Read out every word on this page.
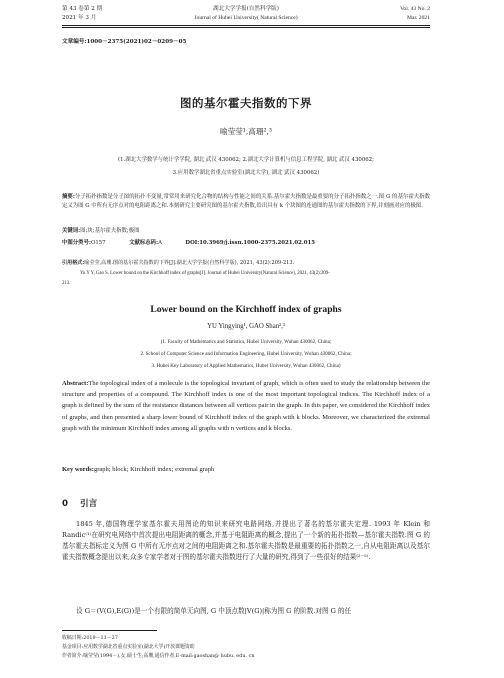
第 43 卷第 2 期
2021 年 3 月
湖北大学学报(自然科学版)
Journal of Hubei University( Natural Science)
Vol. 43 No. 2
Mar. 2021
文章编号:1000－2375(2021)02－0209－05
图的基尔霍夫指数的下界
喻莹莹¹,高珊²,³
(1.湖北大学数学与统计学学院, 湖北 武汉 430062; 2.湖北大学计算机与信息工程学院, 湖北 武汉 430062;
3.应用数学湖北省重点实验室(湖北大学), 湖北 武汉 430062)
摘要:分子拓扑指数是分子图的拓扑不变量,常常用来研究化合物的结构与性能之间的关系.基尔霍夫指数是最重要的分子拓扑指数之一.图 G 的基尔霍夫指数定义为图 G 中所有无序点对的电阻距离之和.本刻研究主要研究图的基尔霍夫指数,给出具有 k 个块图的连通图的基尔霍夫指数的下界,并刻画对应的极图.
关键词:图;块;基尔霍夫指数;极图
中图分类号:O157	文献标志码:A	DOI:10.3969/j.issn.1000-2375.2021.02.015
引用格式:喻莹莹,高珊.图的基尔霍夫指数的下界[J].湖北大学学报(自然科学版), 2021, 43(2):209-213.
Yu Y Y, Gao S. Lower bound on the Kirchhoff index of graphs[J]. Journal of Hubei University(Natural Science), 2021, 43(2):209-
213.
Lower bound on the Kirchhoff index of graphs
YU Yingying¹, GAO Shan²,³
(1. Faculty of Mathematics and Statistics, Hubei University, Wuhan 430062, China;
2. School of Computer Science and Information Engineering, Hubei University, Wuhan 430062, China;
3. Hubei Key Laboratory of Applied Mathematics, Hubei University, Wuhan 430062, China)
Abstract:The topological index of a molecule is the topological invariant of graph, which is often used to study the relationship between the structure and properties of a compound. The Kirchhoff index is one of the most important topological indices. The Kirchhoff index of a graph is defined by the sum of the resistance distances between all vertices pair in the graph. In this paper, we considered the Kirchhoff index of graphs, and then presented a sharp lower bound of Kirchhoff index of the graph with k blocks. Moreover, we characterized the extremal graph with the minimum Kirchhoff index among all graphs with n vertices and k blocks.
Key words:graph; block; Kirchhoff index; extremal graph
0 引言
1845 年,德国物理学家基尔霍夫用图论的知识来研究电路网络,并提出了著名的基尔霍夫定理. 1993 年 Klein 和 Randic⁽¹⁾在研究电网络中首次提出电阻距离的概念,并基于电阻距离的概念,提出了一个新的拓扑指数—基尔霍夫指数.图 G 的基尔霍夫指标定义为图 G 中所有无序点对之间的电阻距离之和.基尔霍夫指数是最重要的拓扑指数之一,自从电阻距离以及基尔霍夫指数概念提出以来,众多专家学者对于图的基尔霍夫指数进行了大量的研究,得到了一些很好的结果⁽²⁻⁵⁾.
设 G＝(V(G),E(G))是一个有限的简单无向图, G 中顶点数|V(G)|称为图 G 的阶数.对图 G 的任
收稿日期:2019－11－27
基金项目:应用数学湖北省重点实验室(湖北大学)开放课题资助
作者简介:喻莹莹(1994－),女,硕士生;高珊,通信作者,E-mail:gaoshan@ hubu. edu. cn
